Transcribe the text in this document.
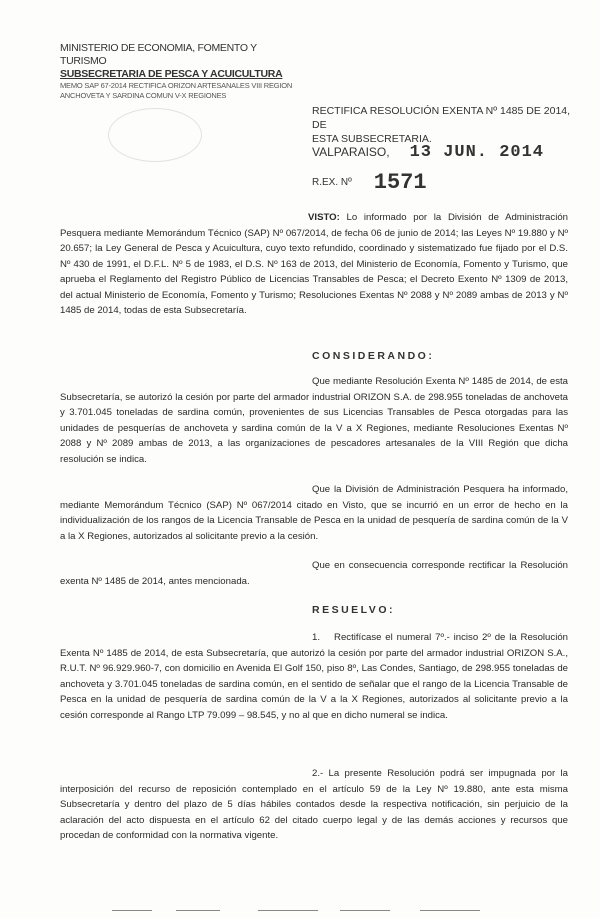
MINISTERIO DE ECONOMIA, FOMENTO Y TURISMO
SUBSECRETARIA DE PESCA Y ACUICULTURA
MEMO SAP 67-2014 RECTIFICA ORIZON ARTESANALES VIII REGION
ANCHOVETA Y SARDINA COMUN V-X REGIONES
RECTIFICA RESOLUCIÓN EXENTA Nº 1485 DE 2014, DE
ESTA SUBSECRETARIA.
VALPARAISO, 13 JUN. 2014
R.EX. Nº 1571
VISTO: Lo informado por la División de Administración Pesquera mediante Memorándum Técnico (SAP) Nº 067/2014, de fecha 06 de junio de 2014; las Leyes Nº 19.880 y Nº 20.657; la Ley General de Pesca y Acuicultura, cuyo texto refundido, coordinado y sistematizado fue fijado por el D.S. Nº 430 de 1991, el D.F.L. Nº 5 de 1983, el D.S. Nº 163 de 2013, del Ministerio de Economía, Fomento y Turismo, que aprueba el Reglamento del Registro Público de Licencias Transables de Pesca; el Decreto Exento Nº 1309 de 2013, del actual Ministerio de Economía, Fomento y Turismo; Resoluciones Exentas Nº 2088 y Nº 2089 ambas de 2013 y Nº 1485 de 2014, todas de esta Subsecretaría.
CONSIDERANDO:
Que mediante Resolución Exenta Nº 1485 de 2014, de esta Subsecretaría, se autorizó la cesión por parte del armador industrial ORIZON S.A. de 298.955 toneladas de anchoveta y 3.701.045 toneladas de sardina común, provenientes de sus Licencias Transables de Pesca otorgadas para las unidades de pesquerías de anchoveta y sardina común de la V a X Regiones, mediante Resoluciones Exentas Nº 2088 y Nº 2089 ambas de 2013, a las organizaciones de pescadores artesanales de la VIII Región que dicha resolución se indica.
Que la División de Administración Pesquera ha informado, mediante Memorándum Técnico (SAP) Nº 067/2014 citado en Visto, que se incurrió en un error de hecho en la individualización de los rangos de la Licencia Transable de Pesca en la unidad de pesquería de sardina común de la V a la X Regiones, autorizados al solicitante previo a la cesión.
Que en consecuencia corresponde rectificar la Resolución exenta Nº 1485 de 2014, antes mencionada.
RESUELVO:
1. Rectifícase el numeral 7º.- inciso 2º de la Resolución Exenta Nº 1485 de 2014, de esta Subsecretaría, que autorizó la cesión por parte del armador industrial ORIZON S.A., R.U.T. Nº 96.929.960-7, con domicilio en Avenida El Golf 150, piso 8º, Las Condes, Santiago, de 298.955 toneladas de anchoveta y 3.701.045 toneladas de sardina común, en el sentido de señalar que el rango de la Licencia Transable de Pesca en la unidad de pesquería de sardina común de la V a la X Regiones, autorizados al solicitante previo a la cesión corresponde al Rango LTP 79.099 – 98.545, y no al que en dicho numeral se indica.
2.- La presente Resolución podrá ser impugnada por la interposición del recurso de reposición contemplado en el artículo 59 de la Ley Nº 19.880, ante esta misma Subsecretaría y dentro del plazo de 5 días hábiles contados desde la respectiva notificación, sin perjuicio de la aclaración del acto dispuesta en el artículo 62 del citado cuerpo legal y de las demás acciones y recursos que procedan de conformidad con la normativa vigente.
